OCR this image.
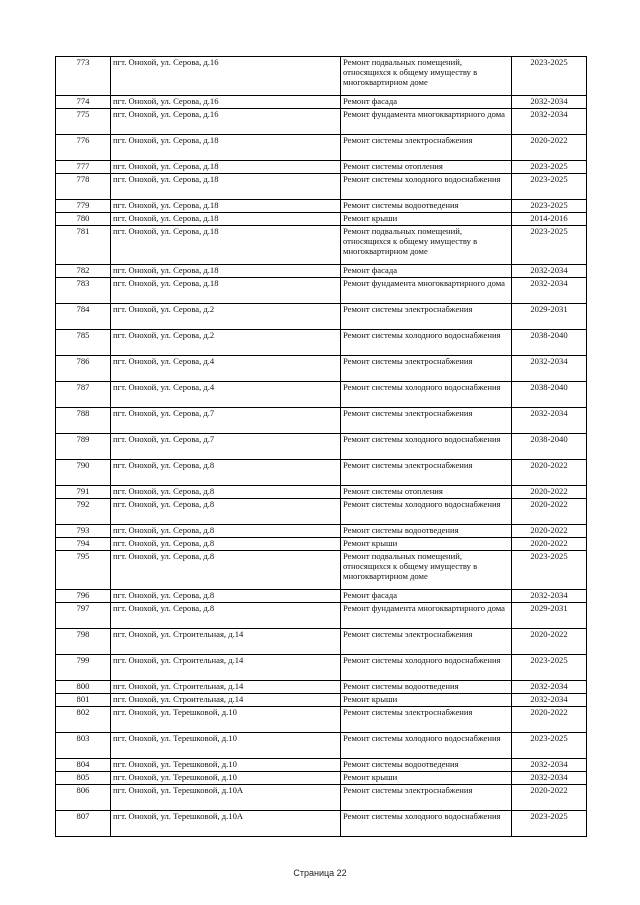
773	пгт. Онохой, ул. Серова, д.16	Ремонт подвальных помещений, относящихся к общему имуществу в многоквартирном доме	2023-2025
774	пгт. Онохой, ул. Серова, д.16	Ремонт фасада	2032-2034
775	пгт. Онохой, ул. Серова, д.16	Ремонт фундамента многоквартирного дома	2032-2034
776	пгт. Онохой, ул. Серова, д.18	Ремонт системы электроснабжения	2020-2022
777	пгт. Онохой, ул. Серова, д.18	Ремонт системы отопления	2023-2025
778	пгт. Онохой, ул. Серова, д.18	Ремонт системы холодного водоснабжения	2023-2025
779	пгт. Онохой, ул. Серова, д.18	Ремонт системы водоотведения	2023-2025
780	пгт. Онохой, ул. Серова, д.18	Ремонт крыши	2014-2016
781	пгт. Онохой, ул. Серова, д.18	Ремонт подвальных помещений, относящихся к общему имуществу в многоквартирном доме	2023-2025
782	пгт. Онохой, ул. Серова, д.18	Ремонт фасада	2032-2034
783	пгт. Онохой, ул. Серова, д.18	Ремонт фундамента многоквартирного дома	2032-2034
784	пгт. Онохой, ул. Серова, д.2	Ремонт системы электроснабжения	2029-2031
785	пгт. Онохой, ул. Серова, д.2	Ремонт системы холодного водоснабжения	2038-2040
786	пгт. Онохой, ул. Серова, д.4	Ремонт системы электроснабжения	2032-2034
787	пгт. Онохой, ул. Серова, д.4	Ремонт системы холодного водоснабжения	2038-2040
788	пгт. Онохой, ул. Серова, д.7	Ремонт системы электроснабжения	2032-2034
789	пгт. Онохой, ул. Серова, д.7	Ремонт системы холодного водоснабжения	2038-2040
790	пгт. Онохой, ул. Серова, д.8	Ремонт системы электроснабжения	2020-2022
791	пгт. Онохой, ул. Серова, д.8	Ремонт системы отопления	2020-2022
792	пгт. Онохой, ул. Серова, д.8	Ремонт системы холодного водоснабжения	2020-2022
793	пгт. Онохой, ул. Серова, д.8	Ремонт системы водоотведения	2020-2022
794	пгт. Онохой, ул. Серова, д.8	Ремонт крыши	2020-2022
795	пгт. Онохой, ул. Серова, д.8	Ремонт подвальных помещений, относящихся к общему имуществу в многоквартирном доме	2023-2025
796	пгт. Онохой, ул. Серова, д.8	Ремонт фасада	2032-2034
797	пгт. Онохой, ул. Серова, д.8	Ремонт фундамента многоквартирного дома	2029-2031
798	пгт. Онохой, ул. Строительная, д.14	Ремонт системы электроснабжения	2020-2022
799	пгт. Онохой, ул. Строительная, д.14	Ремонт системы холодного водоснабжения	2023-2025
800	пгт. Онохой, ул. Строительная, д.14	Ремонт системы водоотведения	2032-2034
801	пгт. Онохой, ул. Строительная, д.14	Ремонт крыши	2032-2034
802	пгт. Онохой, ул. Терешковой, д.10	Ремонт системы электроснабжения	2020-2022
803	пгт. Онохой, ул. Терешковой, д.10	Ремонт системы холодного водоснабжения	2023-2025
804	пгт. Онохой, ул. Терешковой, д.10	Ремонт системы водоотведения	2032-2034
805	пгт. Онохой, ул. Терешковой, д.10	Ремонт крыши	2032-2034
806	пгт. Онохой, ул. Терешковой, д.10А	Ремонт системы электроснабжения	2020-2022
807	пгт. Онохой, ул. Терешковой, д.10А	Ремонт системы холодного водоснабжения	2023-2025
Страница 22
